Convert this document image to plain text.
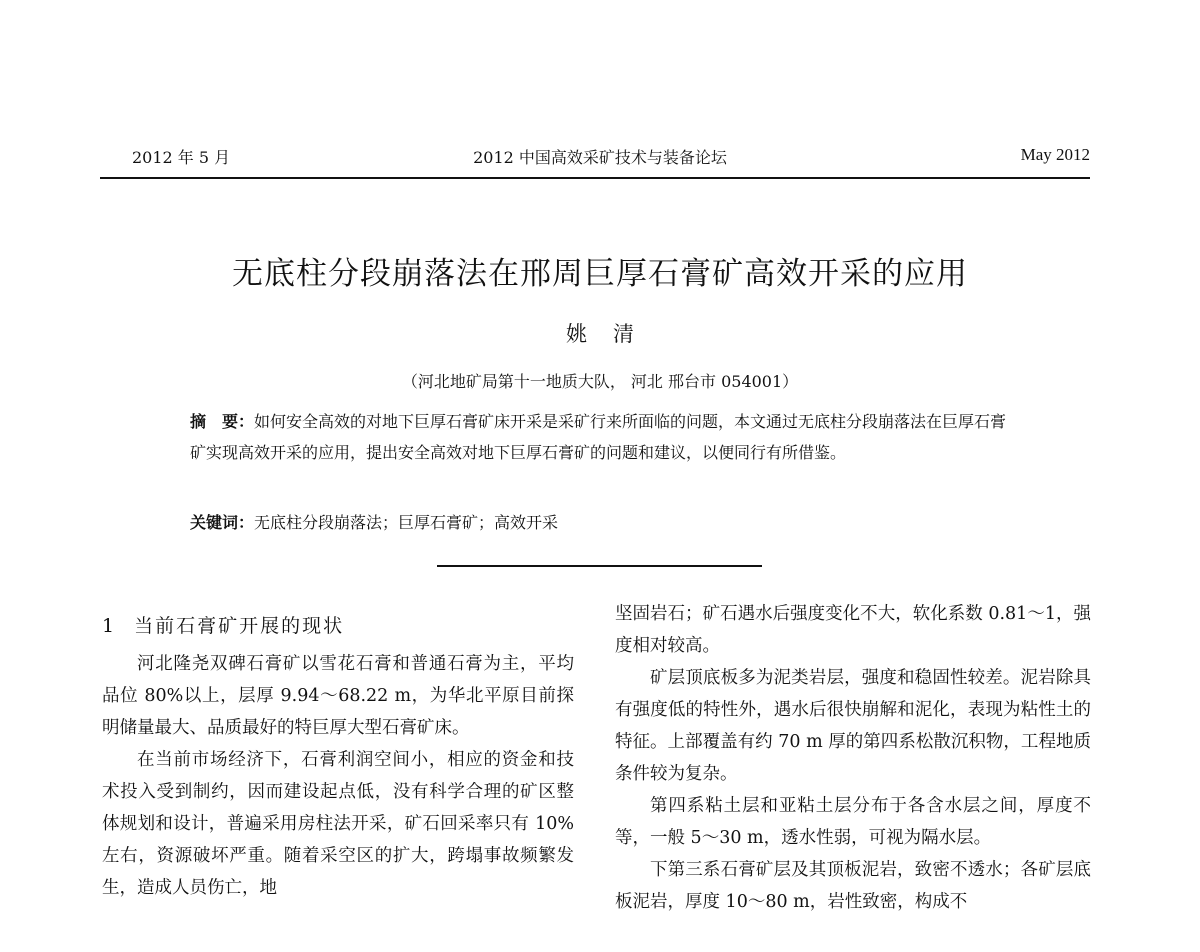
2012 年 5 月	2012 中国高效采矿技术与装备论坛	May 2012
无底柱分段崩落法在邢周巨厚石膏矿高效开采的应用
姚清
（河北地矿局第十一地质大队， 河北 邢台市 054001）

摘　要：如何安全高效的对地下巨厚石膏矿床开采是采矿行来所面临的问题，本文通过无底柱分段崩落法在巨厚石膏矿实现高效开采的应用，提出安全高效对地下巨厚石膏矿的问题和建议，以便同行有所借鉴。

关键词：无底柱分段崩落法；巨厚石膏矿；高效开采
1 当前石膏矿开展的现状

河北隆尧双碑石膏矿以雪花石膏和普通石膏为主，平均品位 80%以上，层厚 9.94～68.22 m，为华北平原目前探明储量最大、品质最好的特巨厚大型石膏矿床。

在当前市场经济下，石膏利润空间小，相应的资金和技术投入受到制约，因而建设起点低，没有科学合理的矿区整体规划和设计，普遍采用房柱法开采，矿石回采率只有 10%左右，资源破坏严重。随着采空区的扩大，跨塌事故频繁发生，造成人员伤亡，地

坚固岩石；矿石遇水后强度变化不大，软化系数 0.81～1，强度相对较高。

矿层顶底板多为泥类岩层，强度和稳固性较差。泥岩除具有强度低的特性外，遇水后很快崩解和泥化，表现为粘性土的特征。上部覆盖有约 70 m 厚的第四系松散沉积物，工程地质条件较为复杂。

第四系粘土层和亚粘土层分布于各含水层之间，厚度不等，一般 5～30 m，透水性弱，可视为隔水层。

下第三系石膏矿层及其顶板泥岩，致密不透水；各矿层底板泥岩，厚度 10～80 m，岩性致密，构成不
